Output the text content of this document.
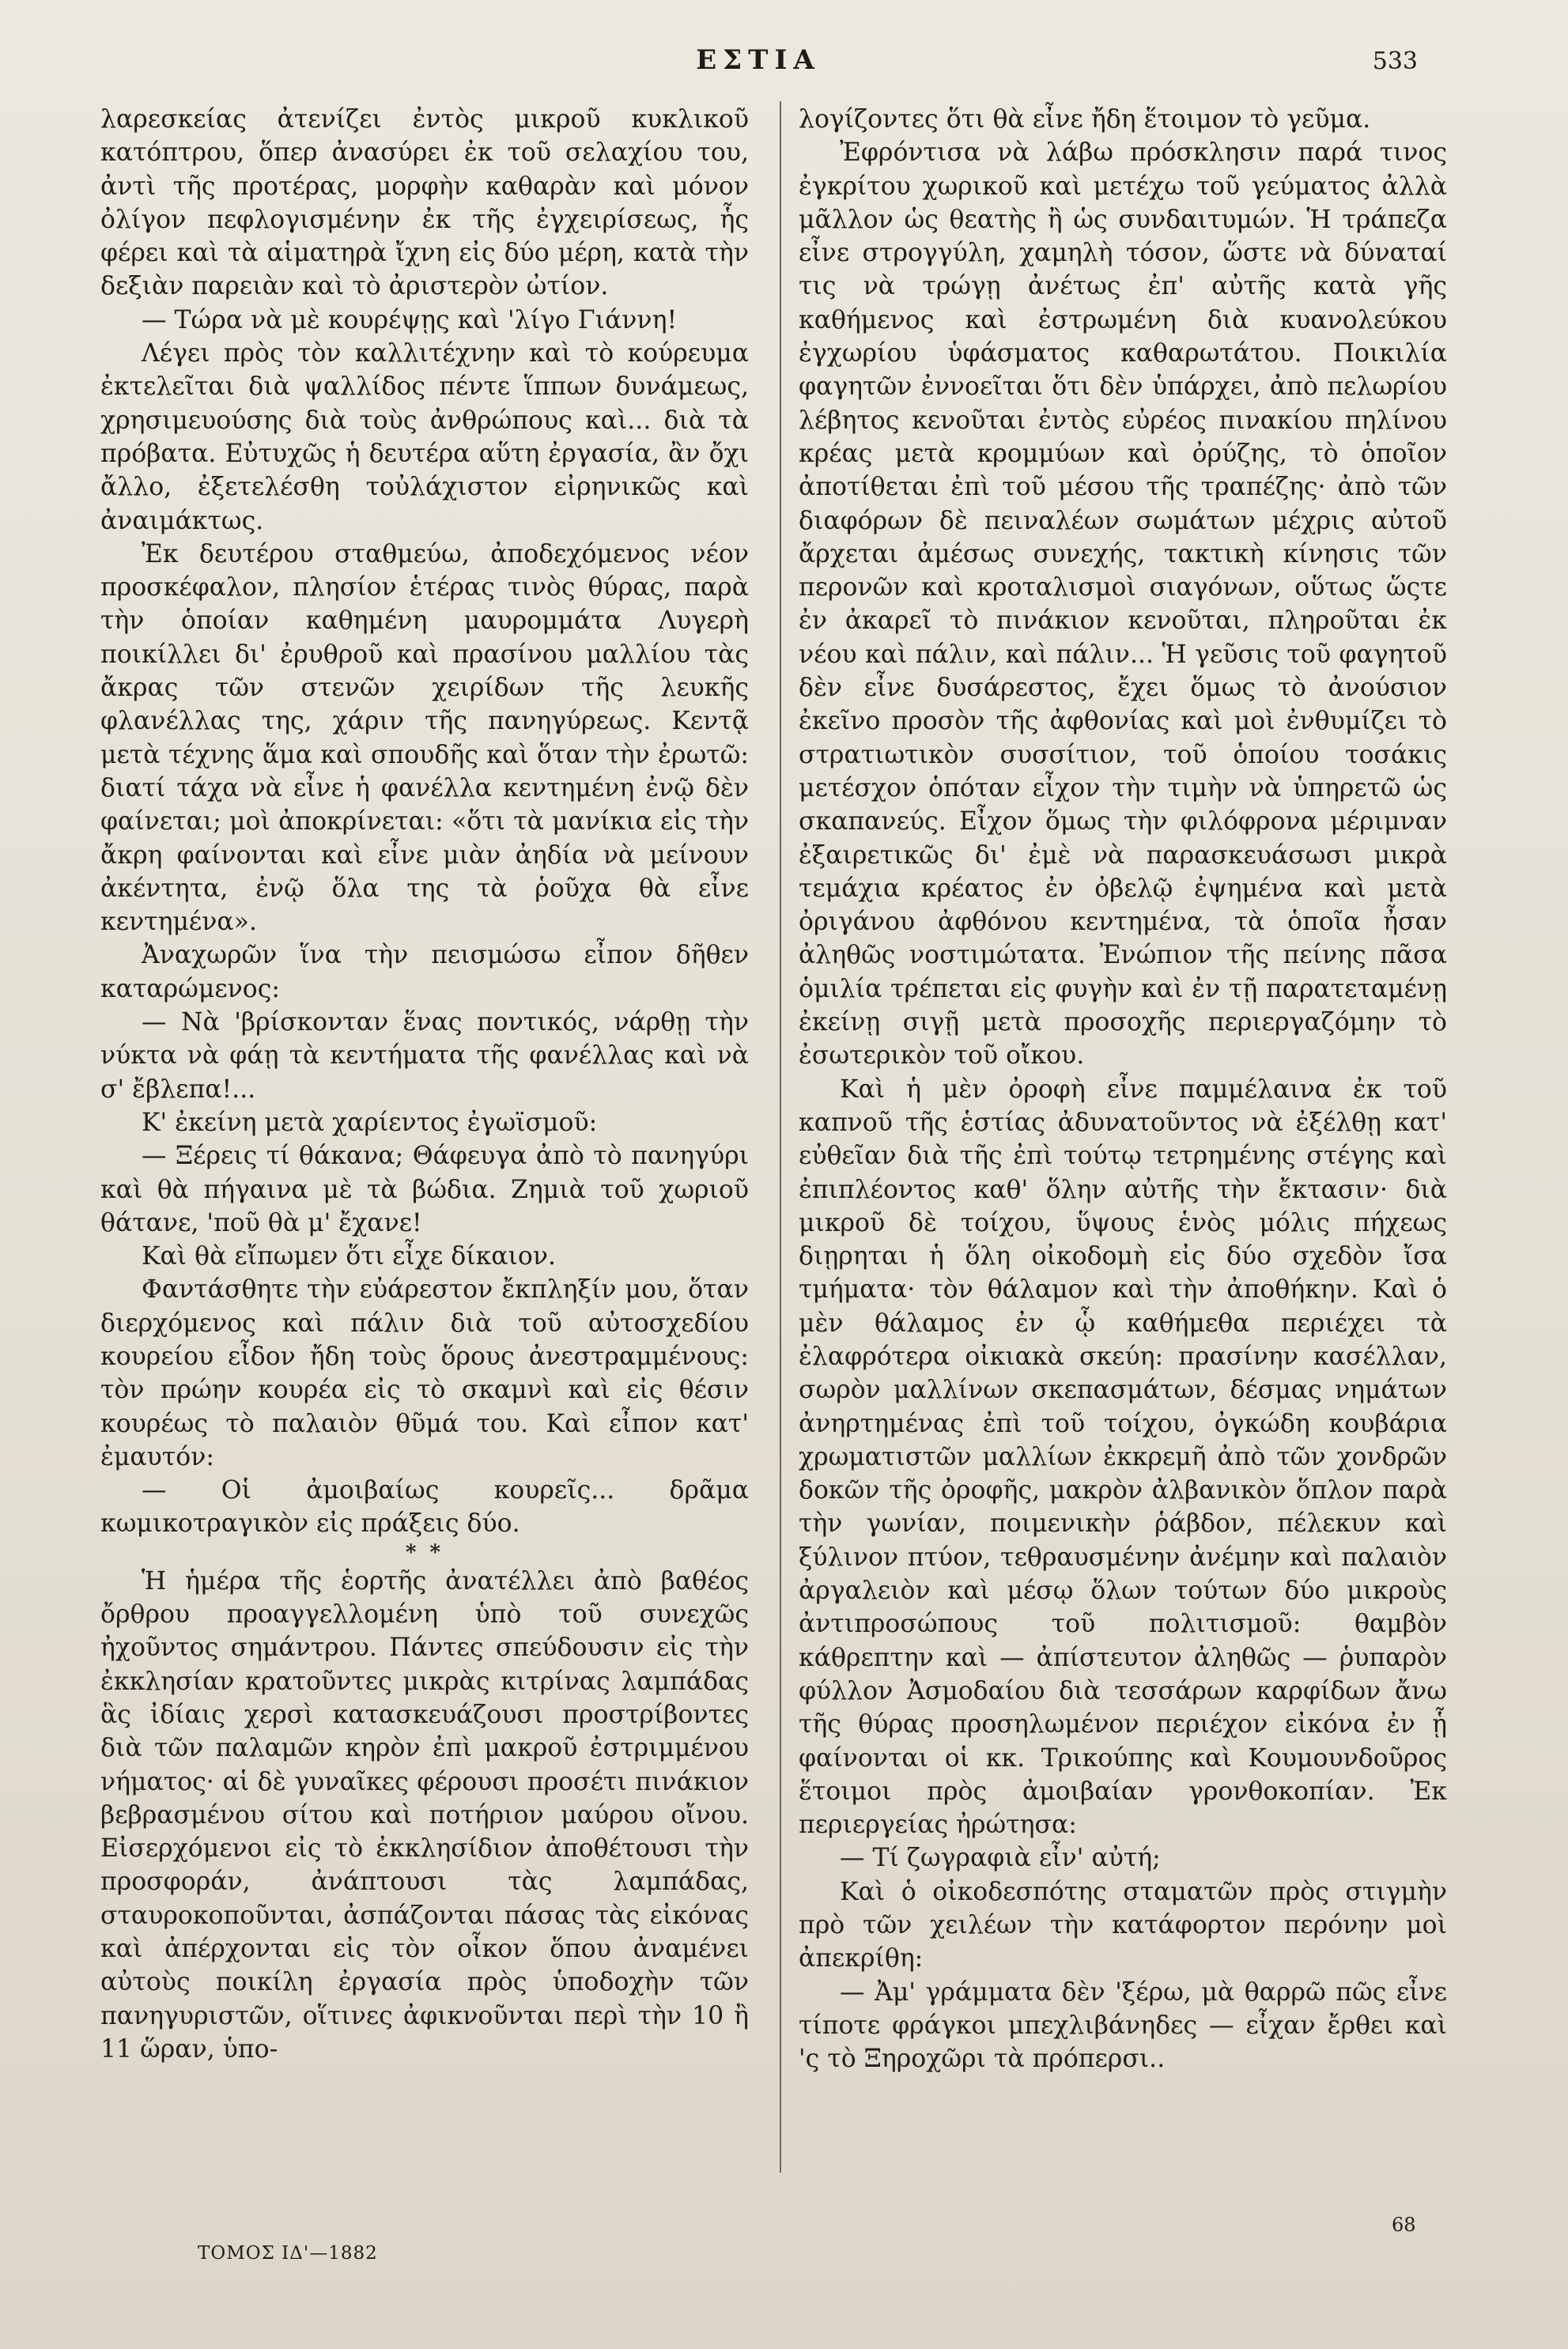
ΕΣΤΙΑ	533

λαρεσκείας ἀτενίζει ἐντὸς μικροῦ κυκλικοῦ κατόπτρου, ὅπερ ἀνασύρει ἐκ τοῦ σελαχίου του, ἀντὶ τῆς προτέρας, μορφὴν καθαρὰν καὶ μόνον ὀλίγον πεφλογισμένην ἐκ τῆς ἐγχειρίσεως, ἧς φέρει καὶ τὰ αἱματηρὰ ἴχνη εἰς δύο μέρη, κατὰ τὴν δεξιὰν παρειὰν καὶ τὸ ἀριστερὸν ὠτίον.

— Τώρα νὰ μὲ κουρέψῃς καὶ 'λίγο Γιάννη!

Λέγει πρὸς τὸν καλλιτέχνην καὶ τὸ κούρευμα ἐκτελεῖται διὰ ψαλλίδος πέντε ἵππων δυνάμεως, χρησιμευούσης διὰ τοὺς ἀνθρώπους καὶ... διὰ τὰ πρόβατα. Εὐτυχῶς ἡ δευτέρα αὕτη ἐργασία, ἂν ὄχι ἄλλο, ἐξετελέσθη τοὐλάχιστον εἰρηνικῶς καὶ ἀναιμάκτως.

Ἐκ δευτέρου σταθμεύω, ἀποδεχόμενος νέον προσκέφαλον, πλησίον ἑτέρας τινὸς θύρας, παρὰ τὴν ὁποίαν καθημένη μαυρομμάτα Λυγερὴ ποικίλλει δι' ἐρυθροῦ καὶ πρασίνου μαλλίου τὰς ἄκρας τῶν στενῶν χειρίδων τῆς λευκῆς φλανέλλας της, χάριν τῆς πανηγύρεως. Κεντᾷ μετὰ τέχνης ἅμα καὶ σπουδῆς καὶ ὅταν τὴν ἐρωτῶ: διατί τάχα νὰ εἶνε ἡ φανέλλα κεντημένη ἐνῷ δὲν φαίνεται; μοὶ ἀποκρίνεται: «ὅτι τὰ μανίκια εἰς τὴν ἄκρη φαίνονται καὶ εἶνε μιὰν ἀηδία νὰ μείνουν ἀκέντητα, ἐνῷ ὅλα της τὰ ῥοῦχα θὰ εἶνε κεντημένα».

Ἀναχωρῶν ἵνα τὴν πεισμώσω εἶπον δῆθεν καταρώμενος:

— Νὰ 'βρίσκονταν ἕνας ποντικός, νάρθῃ τὴν νύκτα νὰ φάῃ τὰ κεντήματα τῆς φανέλλας καὶ νὰ σ' ἔβλεπα!...

Κ' ἐκείνη μετὰ χαρίεντος ἐγωϊσμοῦ:

— Ξέρεις τί θάκανα; Θάφευγα ἀπὸ τὸ πανηγύρι καὶ θὰ πήγαινα μὲ τὰ βώδια. Ζημιὰ τοῦ χωριοῦ θάτανε, 'ποῦ θὰ μ' ἔχανε!

Καὶ θὰ εἴπωμεν ὅτι εἶχε δίκαιον.

Φαντάσθητε τὴν εὐάρεστον ἔκπληξίν μου, ὅταν διερχόμενος καὶ πάλιν διὰ τοῦ αὐτοσχεδίου κουρείου εἶδον ἤδη τοὺς ὅρους ἀνεστραμμένους: τὸν πρώην κουρέα εἰς τὸ σκαμνὶ καὶ εἰς θέσιν κουρέως τὸ παλαιὸν θῦμά του. Καὶ εἶπον κατ' ἐμαυτόν:

— Οἱ ἀμοιβαίως κουρεῖς... δρᾶμα κωμικοτραγικὸν εἰς πράξεις δύο.

* *

Ἡ ἡμέρα τῆς ἑορτῆς ἀνατέλλει ἀπὸ βαθέος ὄρθρου προαγγελλομένη ὑπὸ τοῦ συνεχῶς ἠχοῦντος σημάντρου. Πάντες σπεύδουσιν εἰς τὴν ἐκκλησίαν κρατοῦντες μικρὰς κιτρίνας λαμπάδας ἃς ἰδίαις χερσὶ κατασκευάζουσι προστρίβοντες διὰ τῶν παλαμῶν κηρὸν ἐπὶ μακροῦ ἐστριμμένου νήματος· αἱ δὲ γυναῖκες φέρουσι προσέτι πινάκιον βεβρασμένου σίτου καὶ ποτήριον μαύρου οἴνου. Εἰσερχόμενοι εἰς τὸ ἐκκλησίδιον ἀποθέτουσι τὴν προσφοράν, ἀνάπτουσι τὰς λαμπάδας, σταυροκοποῦνται, ἀσπάζονται πάσας τὰς εἰκόνας καὶ ἀπέρχονται εἰς τὸν οἶκον ὅπου ἀναμένει αὐτοὺς ποικίλη ἐργασία πρὸς ὑποδοχὴν τῶν πανηγυριστῶν, οἵτινες ἀφικνοῦνται περὶ τὴν 10 ἢ 11 ὥραν, ὑπο-

λογίζοντες ὅτι θὰ εἶνε ἤδη ἕτοιμον τὸ γεῦμα.

Ἐφρόντισα νὰ λάβω πρόσκλησιν παρά τινος ἐγκρίτου χωρικοῦ καὶ μετέχω τοῦ γεύματος ἀλλὰ μᾶλλον ὡς θεατὴς ἢ ὡς συνδαιτυμών. Ἡ τράπεζα εἶνε στρογγύλη, χαμηλὴ τόσον, ὥστε νὰ δύναταί τις νὰ τρώγῃ ἀνέτως ἐπ' αὐτῆς κατὰ γῆς καθήμενος καὶ ἐστρωμένη διὰ κυανολεύκου ἐγχωρίου ὑφάσματος καθαρωτάτου. Ποικιλία φαγητῶν ἐννοεῖται ὅτι δὲν ὑπάρχει, ἀπὸ πελωρίου λέβητος κενοῦται ἐντὸς εὐρέος πινακίου πηλίνου κρέας μετὰ κρομμύων καὶ ὀρύζης, τὸ ὁποῖον ἀποτίθεται ἐπὶ τοῦ μέσου τῆς τραπέζης· ἀπὸ τῶν διαφόρων δὲ πειναλέων σωμάτων μέχρις αὐτοῦ ἄρχεται ἀμέσως συνεχής, τακτικὴ κίνησις τῶν περονῶν καὶ κροταλισμοὶ σιαγόνων, οὕτως ὥςτε ἐν ἀκαρεῖ τὸ πινάκιον κενοῦται, πληροῦται ἐκ νέου καὶ πάλιν, καὶ πάλιν... Ἡ γεῦσις τοῦ φαγητοῦ δὲν εἶνε δυσάρεστος, ἔχει ὅμως τὸ ἀνούσιον ἐκεῖνο προσὸν τῆς ἀφθονίας καὶ μοὶ ἐνθυμίζει τὸ στρατιωτικὸν συσσίτιον, τοῦ ὁποίου τοσάκις μετέσχον ὁπόταν εἶχον τὴν τιμὴν νὰ ὑπηρετῶ ὡς σκαπανεύς. Εἶχον ὅμως τὴν φιλόφρονα μέριμναν ἐξαιρετικῶς δι' ἐμὲ νὰ παρασκευάσωσι μικρὰ τεμάχια κρέατος ἐν ὀβελῷ ἐψημένα καὶ μετὰ ὀριγάνου ἀφθόνου κεντημένα, τὰ ὁποῖα ἦσαν ἀληθῶς νοστιμώτατα. Ἐνώπιον τῆς πείνης πᾶσα ὁμιλία τρέπεται εἰς φυγὴν καὶ ἐν τῇ παρατεταμένῃ ἐκείνῃ σιγῇ μετὰ προσοχῆς περιεργαζόμην τὸ ἐσωτερικὸν τοῦ οἴκου.

Καὶ ἡ μὲν ὀροφὴ εἶνε παμμέλαινα ἐκ τοῦ καπνοῦ τῆς ἑστίας ἀδυνατοῦντος νὰ ἐξέλθῃ κατ' εὐθεῖαν διὰ τῆς ἐπὶ τούτῳ τετρημένης στέγης καὶ ἐπιπλέοντος καθ' ὅλην αὐτῆς τὴν ἔκτασιν· διὰ μικροῦ δὲ τοίχου, ὕψους ἑνὸς μόλις πήχεως διῃρηται ἡ ὅλη οἰκοδομὴ εἰς δύο σχεδὸν ἴσα τμήματα· τὸν θάλαμον καὶ τὴν ἀποθήκην. Καὶ ὁ μὲν θάλαμος ἐν ᾧ καθήμεθα περιέχει τὰ ἐλαφρότερα οἰκιακὰ σκεύη: πρασίνην κασέλλαν, σωρὸν μαλλίνων σκεπασμάτων, δέσμας νημάτων ἀνηρτημένας ἐπὶ τοῦ τοίχου, ὀγκώδη κουβάρια χρωματιστῶν μαλλίων ἐκκρεμῆ ἀπὸ τῶν χονδρῶν δοκῶν τῆς ὀροφῆς, μακρὸν ἀλβανικὸν ὅπλον παρὰ τὴν γωνίαν, ποιμενικὴν ῥάβδον, πέλεκυν καὶ ξύλινον πτύον, τεθραυσμένην ἀνέμην καὶ παλαιὸν ἀργαλειὸν καὶ μέσῳ ὅλων τούτων δύο μικροὺς ἀντιπροσώπους τοῦ πολιτισμοῦ: θαμβὸν κάθρεπτην καὶ — ἀπίστευτον ἀληθῶς — ῥυπαρὸν φύλλον Ἀσμοδαίου διὰ τεσσάρων καρφίδων ἄνω τῆς θύρας προσηλωμένον περιέχον εἰκόνα ἐν ᾗ φαίνονται οἱ κκ. Τρικούπης καὶ Κουμουνδοῦρος ἕτοιμοι πρὸς ἀμοιβαίαν γρονθοκοπίαν. Ἐκ περιεργείας ἠρώτησα:

— Τί ζωγραφιὰ εἶν' αὐτή;

Καὶ ὁ οἰκοδεσπότης σταματῶν πρὸς στιγμὴν πρὸ τῶν χειλέων τὴν κατάφορτον περόνην μοὶ ἀπεκρίθη:

— Ἀμ' γράμματα δὲν 'ξέρω, μὰ θαρρῶ πῶς εἶνε τίποτε φράγκοι μπεχλιβάνηδες — εἶχαν ἔρθει καὶ 'ς τὸ Ξηροχῶρι τὰ πρόπερσι..

68
ΤΟΜΟΣ ΙΔ'—1882
